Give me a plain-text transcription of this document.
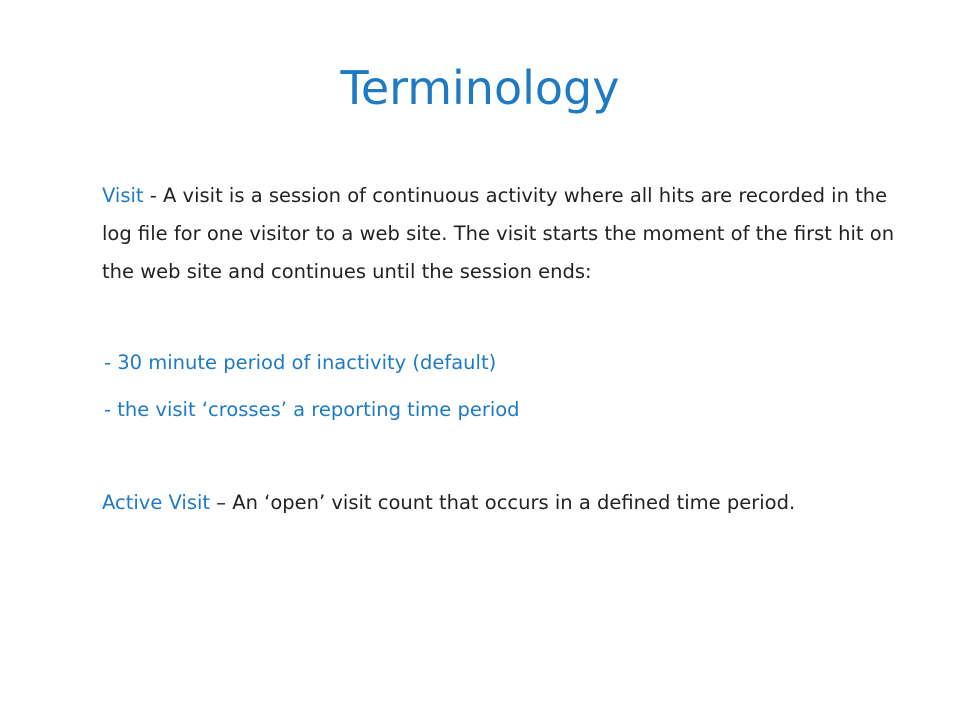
Terminology
Visit - A visit is a session of continuous activity where all hits are recorded in the log file for one visitor to a web site. The visit starts the moment of the first hit on the web site and continues until the session ends:
- 30 minute period of inactivity (default)
- the visit ‘crosses’ a reporting time period
Active Visit – An ‘open’ visit count that occurs in a defined time period.
